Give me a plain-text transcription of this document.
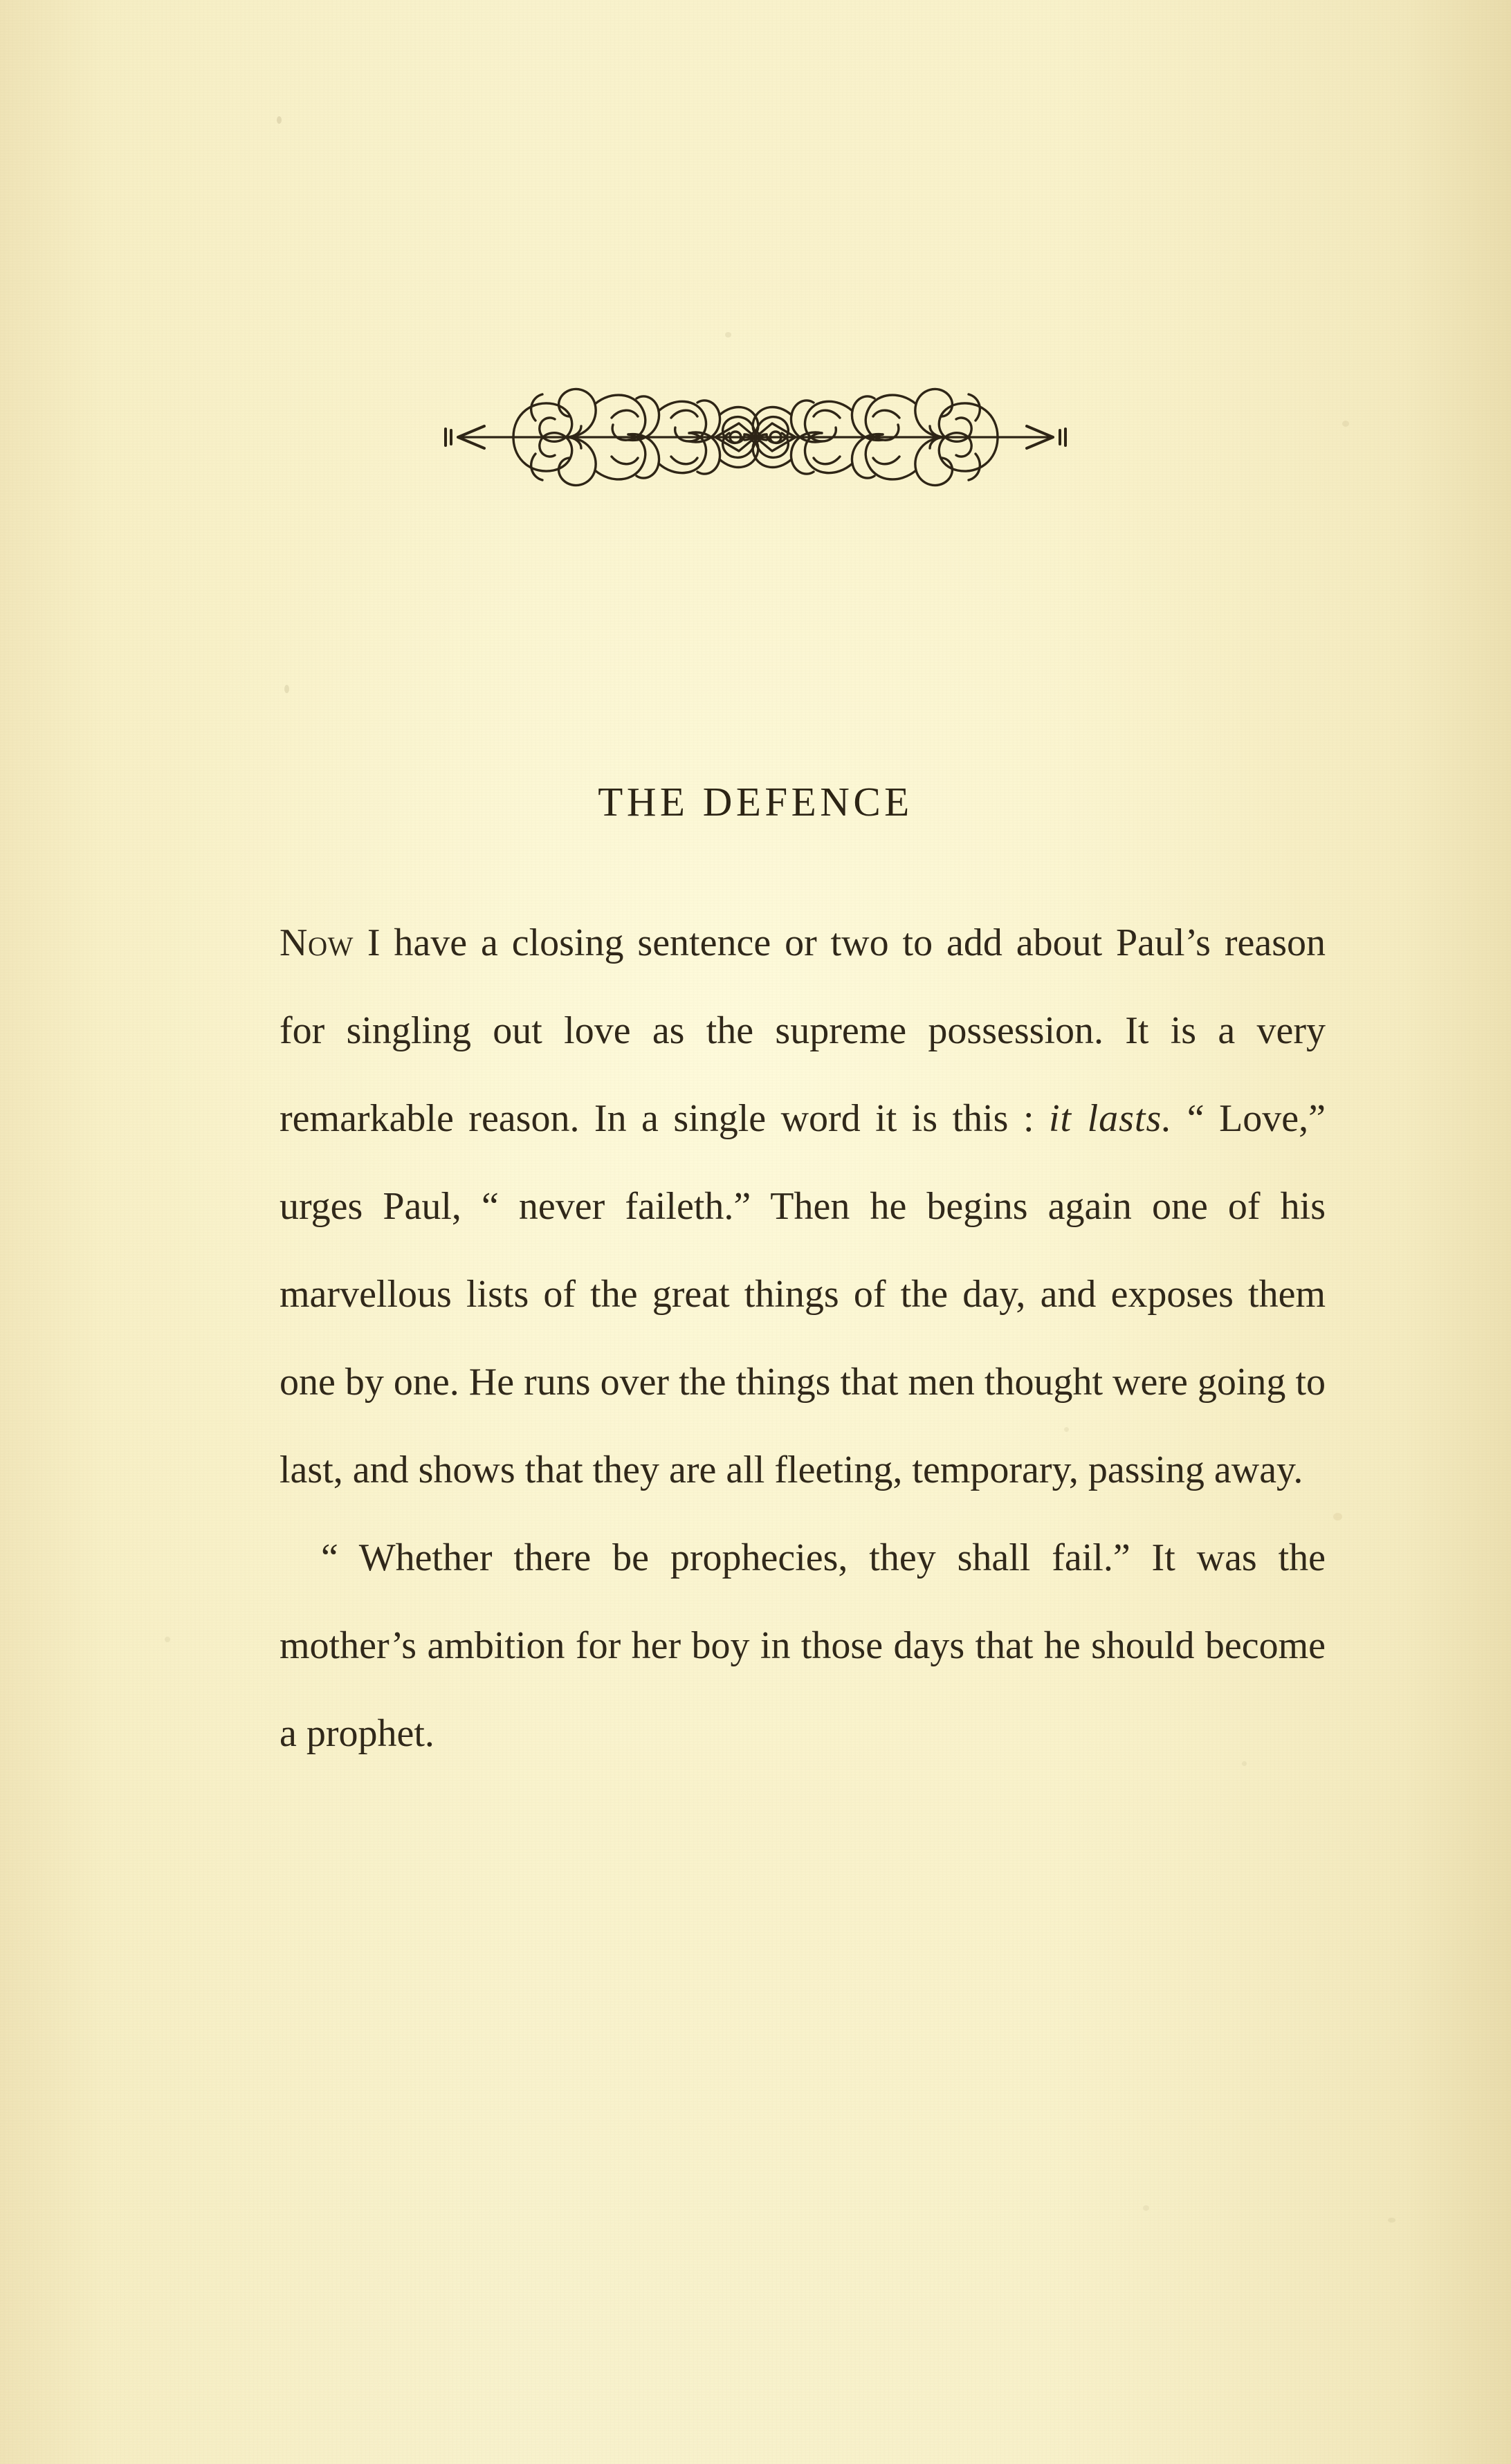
THE DEFENCE

Now I have a closing sentence or two to add about Paul’s reason for singling out love as the supreme possession. It is a very remarkable reason. In a single word it is this : it lasts. “ Love,” urges Paul, “ never faileth.” Then he begins again one of his marvellous lists of the great things of the day, and exposes them one by one. He runs over the things that men thought were going to last, and shows that they are all fleeting, temporary, passing away.

“ Whether there be prophecies, they shall fail.” It was the mother’s ambition for her boy in those days that he should become a prophet.
